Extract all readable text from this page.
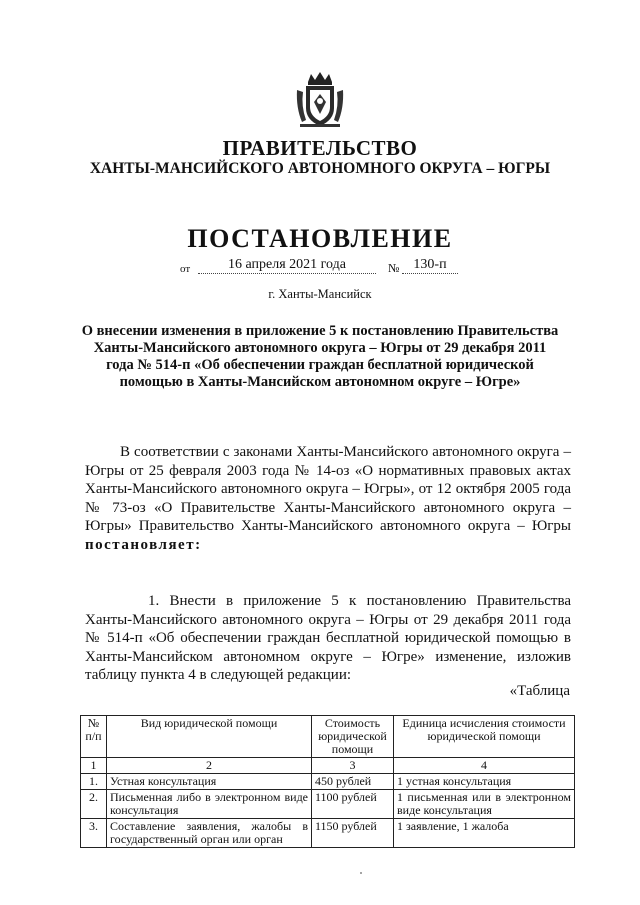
ПРАВИТЕЛЬСТВО
ХАНТЫ-МАНСИЙСКОГО АВТОНОМНОГО ОКРУГА – ЮГРЫ
ПОСТАНОВЛЕНИЕ
от	16 апреля 2021 года	№ 130-п
г. Ханты-Мансийск
О внесении изменения в приложение 5 к постановлению Правительства Ханты-Мансийского автономного округа – Югры от 29 декабря 2011 года № 514-п «Об обеспечении граждан бесплатной юридической помощью в Ханты-Мансийском автономном округе – Югре»

В соответствии с законами Ханты-Мансийского автономного округа – Югры от 25 февраля 2003 года № 14-оз «О нормативных правовых актах Ханты-Мансийского автономного округа – Югры», от 12 октября 2005 года № 73-оз «О Правительстве Ханты-Мансийского автономного округа – Югры» Правительство Ханты-Мансийского автономного округа – Югры постановляет:

1. Внести в приложение 5 к постановлению Правительства Ханты-Мансийского автономного округа – Югры от 29 декабря 2011 года № 514-п «Об обеспечении граждан бесплатной юридической помощью в Ханты-Мансийском автономном округе – Югре» изменение, изложив таблицу пункта 4 в следующей редакции:

«Таблица
№ п/п	Вид юридической помощи	Стоимость юридической помощи	Единица исчисления стоимости юридической помощи
1	2	3	4
1.	Устная консультация	450 рублей	1 устная консультация
2.	Письменная либо в электронном виде консультация	1100 рублей	1 письменная или в электронном виде консультация
3.	Составление заявления, жалобы в государственный орган или орган	1150 рублей	1 заявление, 1 жалоба
